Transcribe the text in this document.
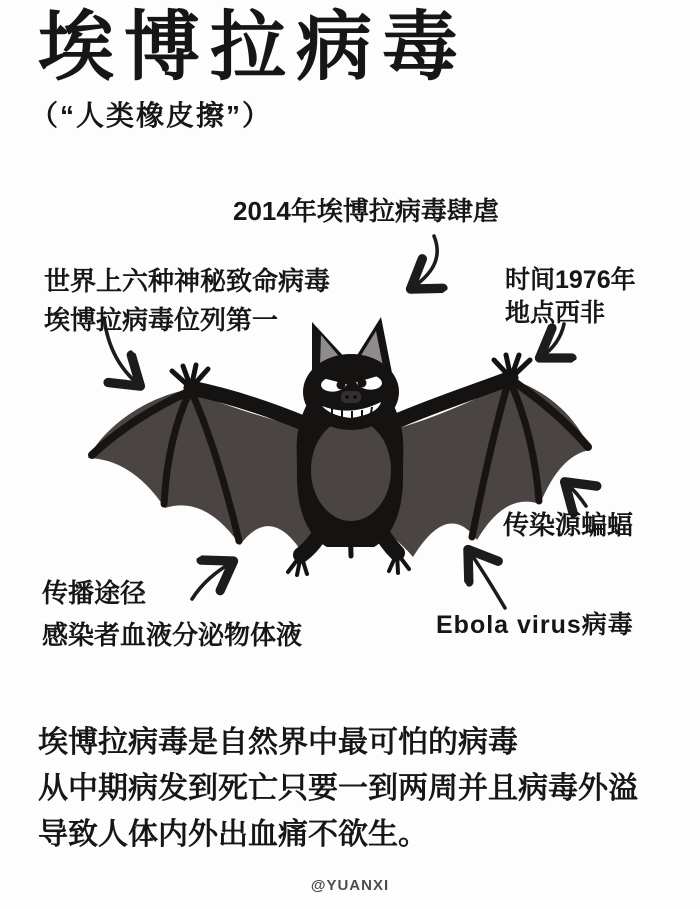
埃博拉病毒
（“人类橡皮擦”）
2014年埃博拉病毒肆虐
世界上六种神秘致命病毒
埃博拉病毒位列第一
时间1976年
地点西非
传播途径
感染者血液分泌物体液
传染源蝙蝠
Ebola virus病毒
埃博拉病毒是自然界中最可怕的病毒
从中期病发到死亡只要一到两周并且病毒外溢
导致人体内外出血痛不欲生。
@YUANXI
